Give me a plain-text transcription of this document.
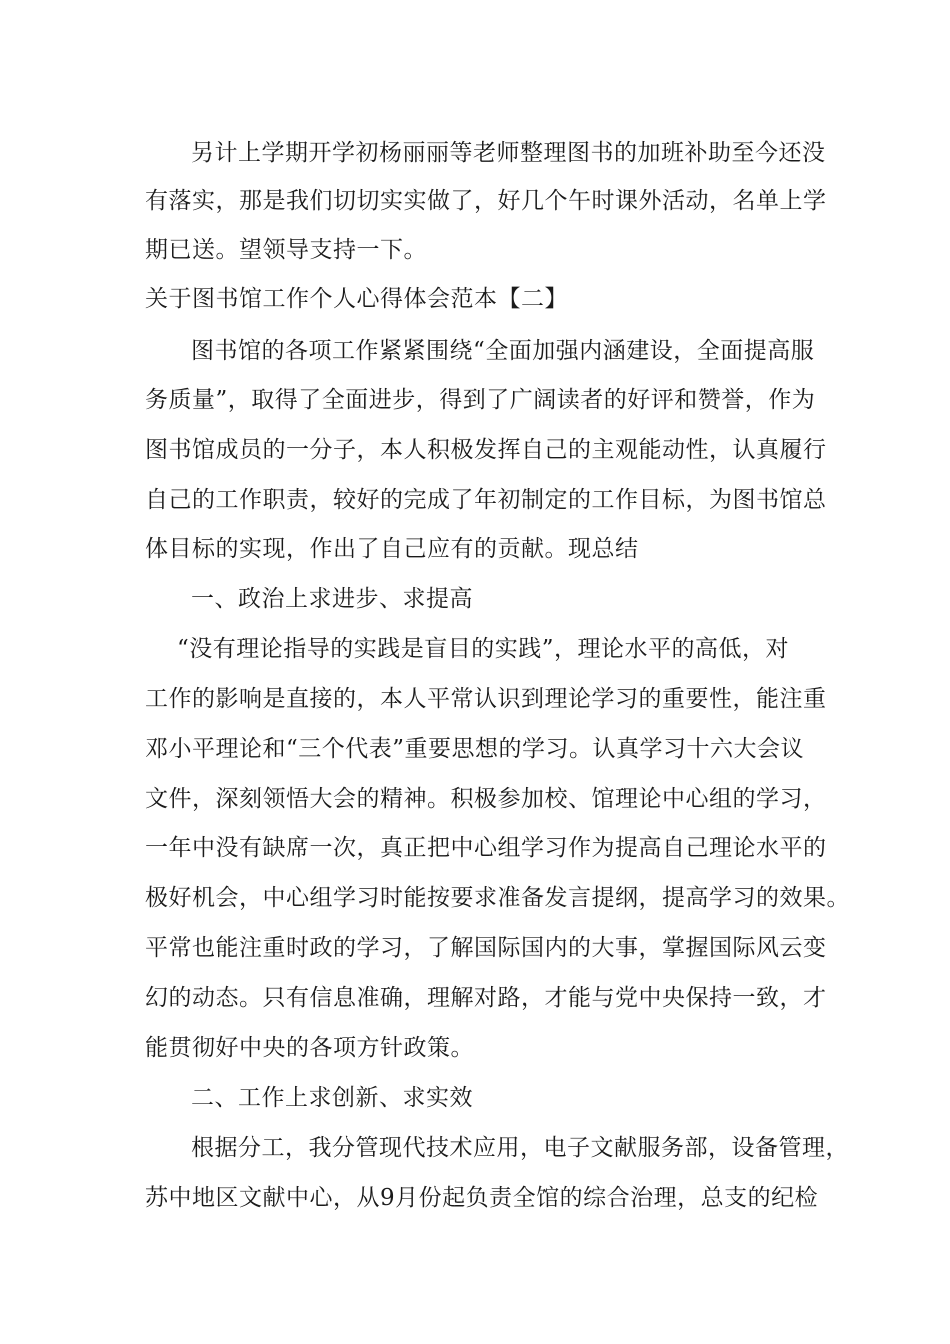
另计上学期开学初杨丽丽等老师整理图书的加班补助至今还没
有落实，那是我们切切实实做了，好几个午时课外活动，名单上学
期已送。望领导支持一下。
关于图书馆工作个人心得体会范本【二】
图书馆的各项工作紧紧围绕“全面加强内涵建设，全面提高服
务质量”，取得了全面进步，得到了广阔读者的好评和赞誉，作为
图书馆成员的一分子，本人积极发挥自己的主观能动性，认真履行
自己的工作职责，较好的完成了年初制定的工作目标，为图书馆总
体目标的实现，作出了自己应有的贡献。现总结
一、政治上求进步、求提高
“没有理论指导的实践是盲目的实践”，理论水平的高低，对
工作的影响是直接的，本人平常认识到理论学习的重要性，能注重
邓小平理论和“三个代表”重要思想的学习。认真学习十六大会议
文件，深刻领悟大会的精神。积极参加校、馆理论中心组的学习，
一年中没有缺席一次，真正把中心组学习作为提高自己理论水平的
极好机会，中心组学习时能按要求准备发言提纲，提高学习的效果。
平常也能注重时政的学习，了解国际国内的大事，掌握国际风云变
幻的动态。只有信息准确，理解对路，才能与党中央保持一致，才
能贯彻好中央的各项方针政策。
二、工作上求创新、求实效
根据分工，我分管现代技术应用，电子文献服务部，设备管理，
苏中地区文献中心，从9月份起负责全馆的综合治理，总支的纪检
